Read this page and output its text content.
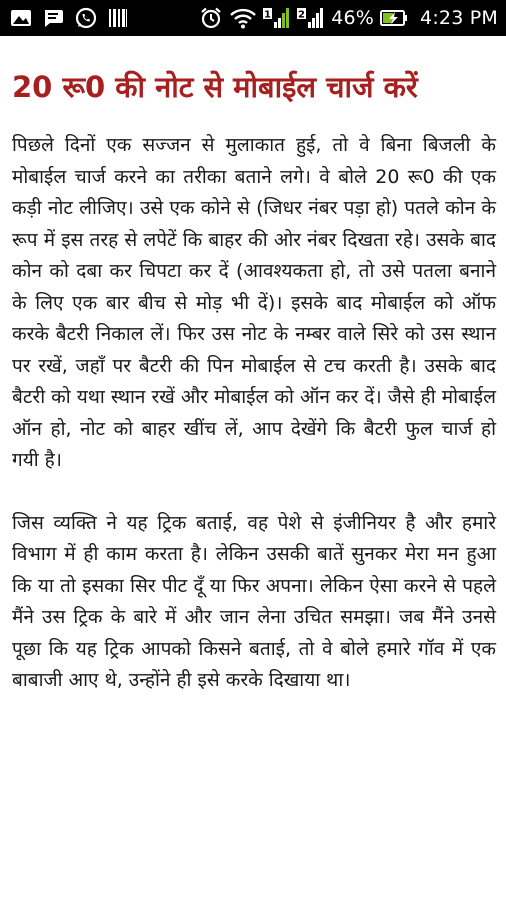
1	2 46% 4:23 PM
20 रू0 की नोट से मोबाईल चार्ज करें

पिछले दिनों एक सज्जन से मुलाकात हुई, तो वे बिना बिजली के मोबाईल चार्ज करने का तरीका बताने लगे। वे बोले 20 रू0 की एक कड़ी नोट लीजिए। उसे एक कोने से (जिधर नंबर पड़ा हो) पतले कोन के रूप में इस तरह से लपेटें कि बाहर की ओर नंबर दिखता रहे। उसके बाद कोन को दबा कर चिपटा कर दें (आवश्यकता हो, तो उसे पतला बनाने के लिए एक बार बीच से मोड़ भी दें)। इसके बाद मोबाईल को ऑफ करके बैटरी निकाल लें। फिर उस नोट के नम्बर वाले सिरे को उस स्थान पर रखें, जहाँ पर बैटरी की पिन मोबाईल से टच करती है। उसके बाद बैटरी को यथा स्थान रखें और मोबाईल को ऑन कर दें। जैसे ही मोबाईल ऑन हो, नोट को बाहर खींच लें, आप देखेंगे कि बैटरी फुल चार्ज हो गयी है।

जिस व्यक्ति ने यह ट्रिक बताई, वह पेशे से इंजीनियर है और हमारे विभाग में ही काम करता है। लेकिन उसकी बातें सुनकर मेरा मन हुआ कि या तो इसका सिर पीट दूँ या फिर अपना। लेकिन ऐसा करने से पहले मैंने उस ट्रिक के बारे में और जान लेना उचित समझा। जब मैंने उनसे पूछा कि यह ट्रिक आपको किसने बताई, तो वे बोले हमारे गॉव में एक बाबाजी आए थे, उन्होंने ही इसे करके दिखाया था।
